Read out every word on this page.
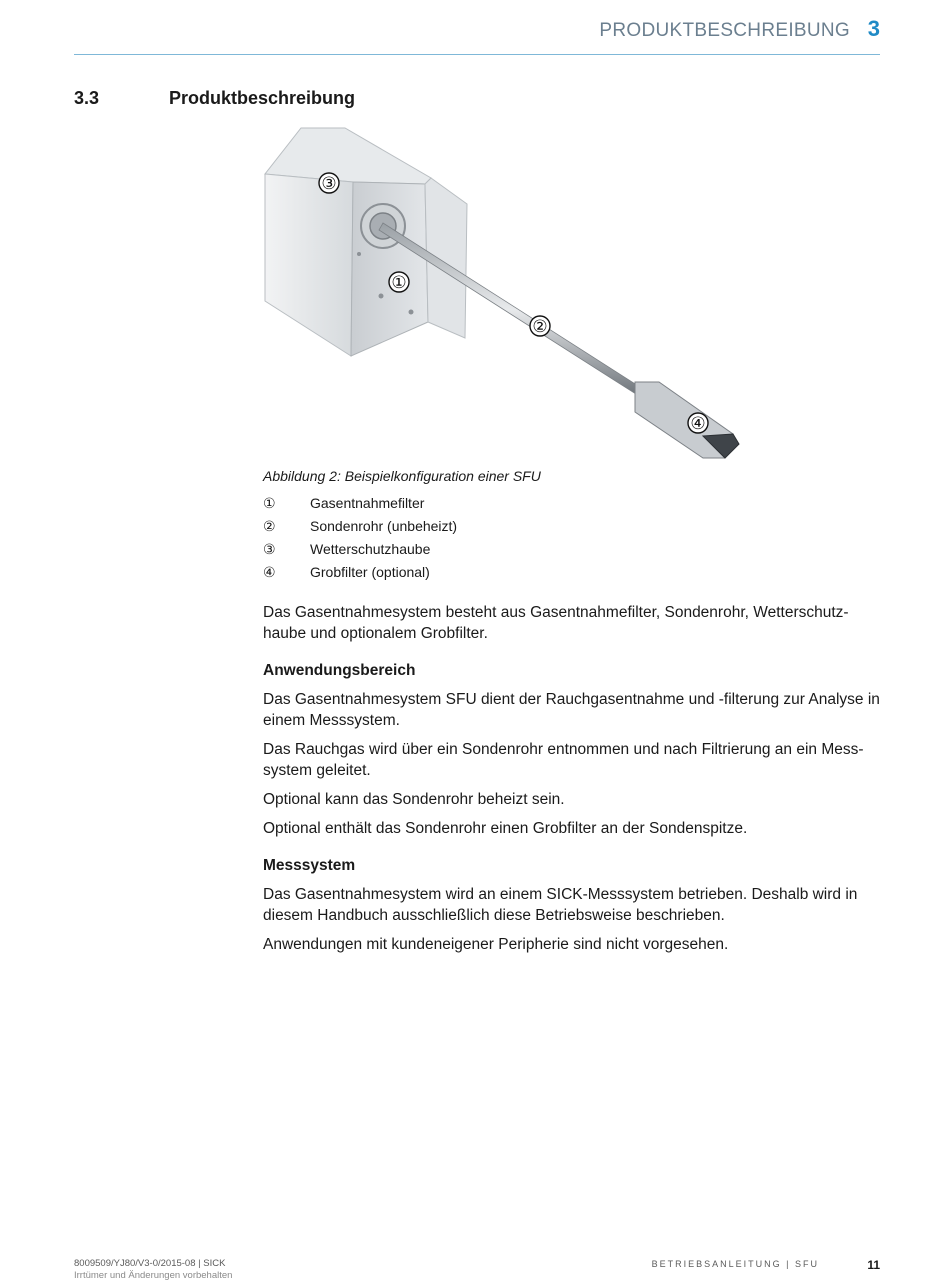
PRODUKTBESCHREIBUNG 3
3.3	Produktbeschreibung
③
①
②
④
Abbildung 2: Beispielkonfiguration einer SFU
①	Gasentnahmefilter
②	Sondenrohr (unbeheizt)
③	Wetterschutzhaube
④	Grobfilter (optional)

Das Gasentnahmesystem besteht aus Gasentnahmefilter, Sondenrohr, Wetterschutz-haube und optionalem Grobfilter.

Anwendungsbereich

Das Gasentnahmesystem SFU dient der Rauchgasentnahme und -filterung zur Analyse in einem Messsystem.

Das Rauchgas wird über ein Sondenrohr entnommen und nach Filtrierung an ein Mess-system geleitet.

Optional kann das Sondenrohr beheizt sein.

Optional enthält das Sondenrohr einen Grobfilter an der Sondenspitze.

Messsystem

Das Gasentnahmesystem wird an einem SICK-Messsystem betrieben. Deshalb wird in diesem Handbuch ausschließlich diese Betriebsweise beschrieben.

Anwendungen mit kundeneigener Peripherie sind nicht vorgesehen.

8009509/YJ80/V3-0/2015-08 | SICK
Irrtümer und Änderungen vorbehalten
BETRIEBSANLEITUNG | SFU	11
